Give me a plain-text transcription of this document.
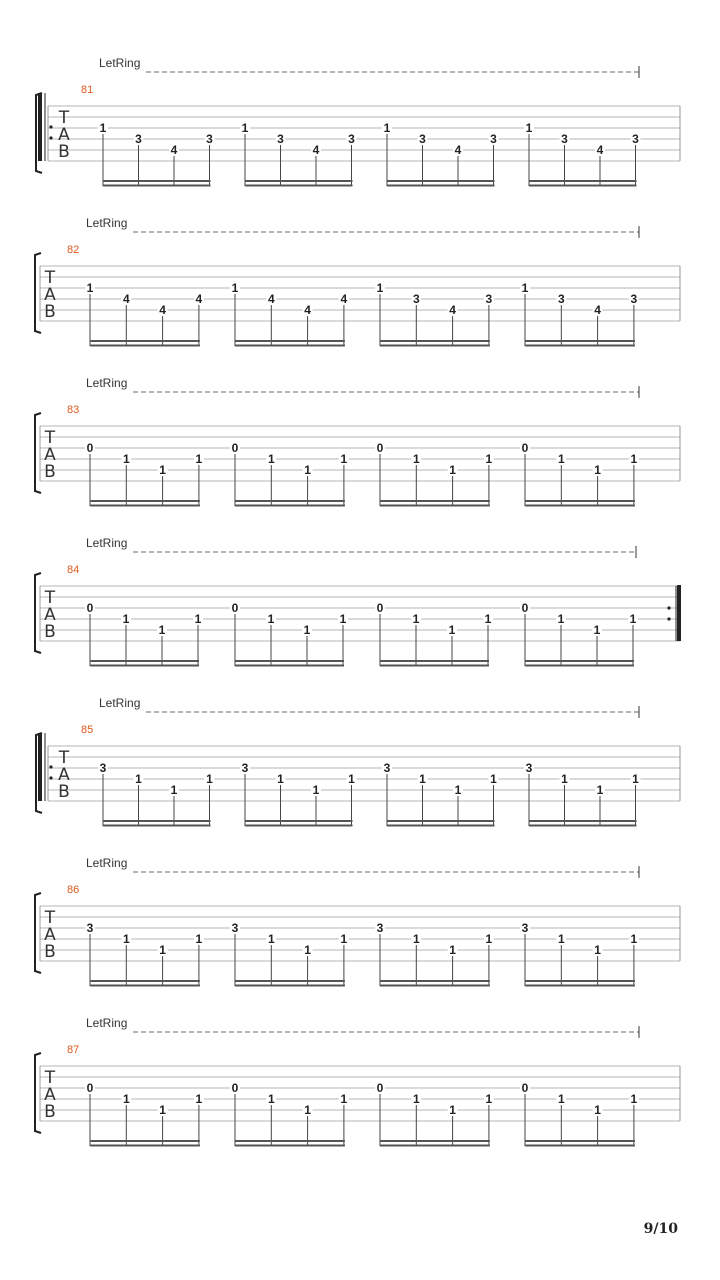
T
A
B
81
LetRing
1
3
4
3
1
3
4
3
1
3
4
3
1
3
4
3
T
A
B
82
LetRing
1
4
4
4
1
4
4
4
1
3
4
3
1
3
4
3
T
A
B
83
LetRing
0
1
1
1
0
1
1
1
0
1
1
1
0
1
1
1
T
A
B
84
LetRing
0
1
1
1
0
1
1
1
0
1
1
1
0
1
1
1
T
A
B
85
LetRing
3
1
1
1
3
1
1
1
3
1
1
1
3
1
1
1
T
A
B
86
LetRing
3
1
1
1
3
1
1
1
3
1
1
1
3
1
1
1
T
A
B
87
LetRing
0
1
1
1
0
1
1
1
0
1
1
1
0
1
1
1
9/10
